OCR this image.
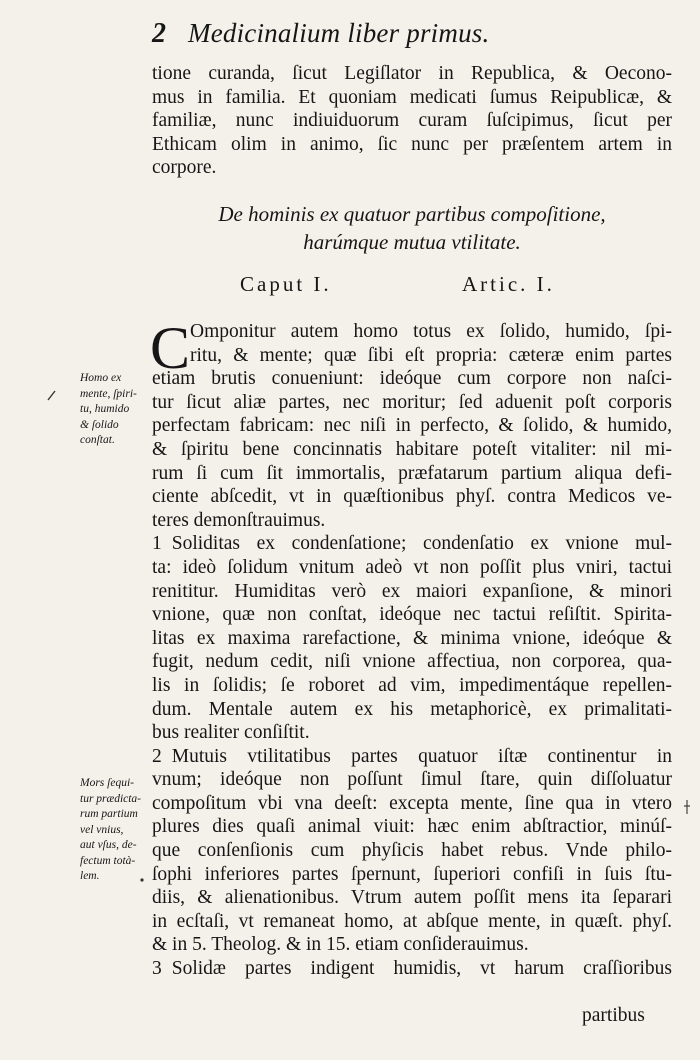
2 Medicinalium liber primus.
tione curanda, ſicut Legiſlator in Republica, & Oecono-
mus in familia. Et quoniam medicati ſumus Reipublicæ, &
familiæ, nunc indiuiduorum curam ſuſcipimus, ſicut per
Ethicam olim in animo, ſic nunc per præſentem artem in
corpore.
De hominis ex quatuor partibus compoſitione,
harúmque mutua vtilitate.
Caput I.	Artic. I.
C Omponitur autem homo totus ex ſolido, humido, ſpi-
ritu, & mente; quæ ſibi eſt propria: cæteræ enim partes
etiam brutis conueniunt: ideóque cum corpore non naſci-
tur ſicut aliæ partes, nec moritur; ſed aduenit poſt corporis
perfectam fabricam: nec niſi in perfecto, & ſolido, & humido,
& ſpiritu bene concinnatis habitare poteſt vitaliter: nil mi-
rum ſi cum ſit immortalis, præfatarum partium aliqua defi-
ciente abſcedit, vt in quæſtionibus phyſ. contra Medicos ve-
teres demonſtrauimus.
1 Soliditas ex condenſatione; condenſatio ex vnione mul-
ta: ideò ſolidum vnitum adeò vt non poſſit plus vniri, tactui
renititur. Humiditas verò ex maiori expanſione, & minori
vnione, quæ non conſtat, ideóque nec tactui reſiſtit. Spirita-
litas ex maxima rarefactione, & minima vnione, ideóque &
fugit, nedum cedit, niſi vnione affectiua, non corporea, qua-
lis in ſolidis; ſe roboret ad vim, impedimentáque repellen-
dum. Mentale autem ex his metaphoricè, ex primalitati-
bus realiter conſiſtit.
2 Mutuis vtilitatibus partes quatuor iſtæ continentur in
vnum; ideóque non poſſunt ſimul ſtare, quin diſſoluatur
compoſitum vbi vna deeſt: excepta mente, ſine qua in vtero
plures dies quaſi animal viuit: hæc enim abſtractior, minúſ-
que conſenſionis cum phyſicis habet rebus. Vnde philo-
ſophi inferiores partes ſpernunt, ſuperiori confiſi in ſuis ſtu-
diis, & alienationibus. Vtrum autem poſſit mens ita ſeparari
in ecſtaſi, vt remaneat homo, at abſque mente, in quæſt. phyſ.
& in 5. Theolog. & in 15. etiam conſiderauimus.
3 Solidæ partes indigent humidis, vt harum craſſioribus
partibus
Homo ex
mente, ſpiri-
tu, humido
& ſolido
conſtat.
Mors ſequi-
tur prædicta-
rum partium
vel vnius,
aut vſus, de-
fectum totà-
lem.
